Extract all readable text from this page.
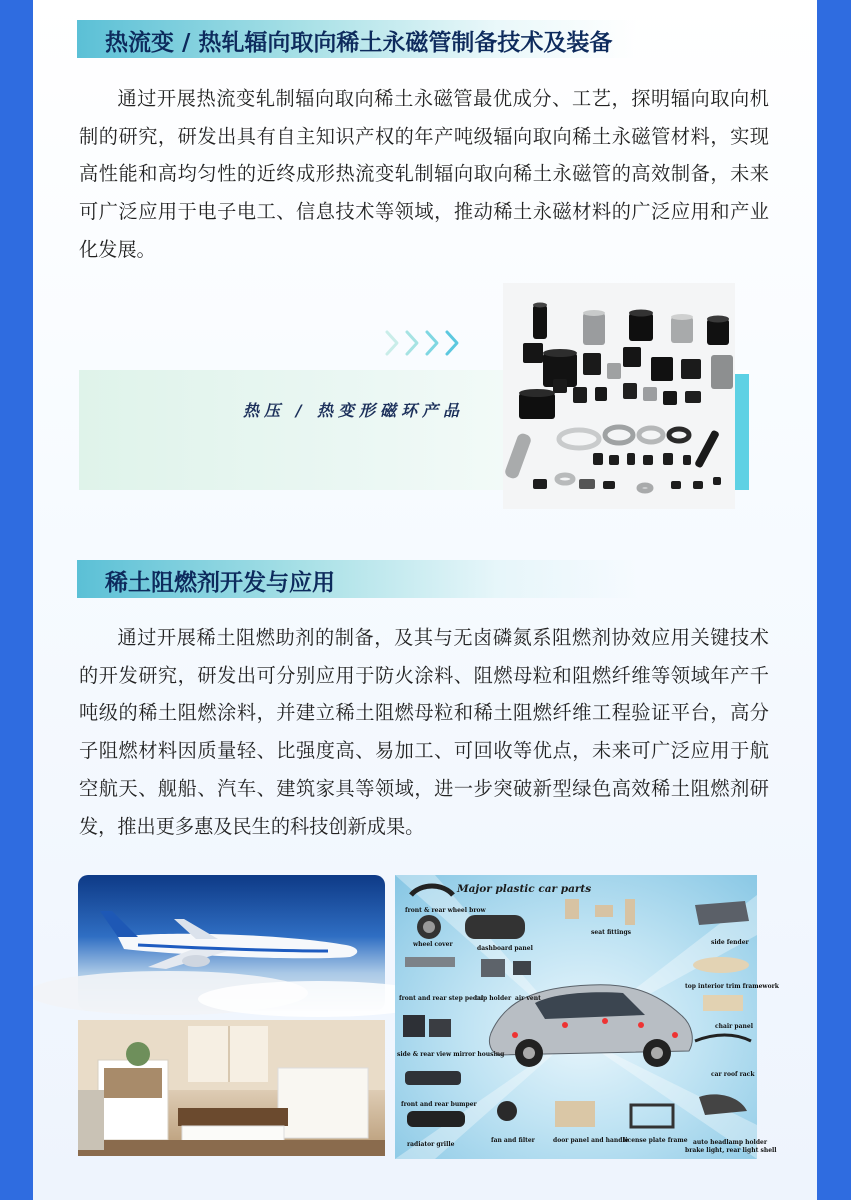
热流变 / 热轧辐向取向稀土永磁管制备技术及装备

通过开展热流变轧制辐向取向稀土永磁管最优成分、工艺，探明辐向取向机制的研究，研发出具有自主知识产权的年产吨级辐向取向稀土永磁管材料，实现高性能和高均匀性的近终成形热流变轧制辐向取向稀土永磁管的高效制备，未来可广泛应用于电子电工、信息技术等领域，推动稀土永磁材料的广泛应用和产业化发展。

热压 / 热变形磁环产品
稀土阻燃剂开发与应用

通过开展稀土阻燃助剂的制备，及其与无卤磷氮系阻燃剂协效应用关键技术的开发研究，研发出可分别应用于防火涂料、阻燃母粒和阻燃纤维等领域年产千吨级的稀土阻燃涂料，并建立稀土阻燃母粒和稀土阻燃纤维工程验证平台，高分子阻燃材料因质量轻、比强度高、易加工、可回收等优点，未来可广泛应用于航空航天、舰船、汽车、建筑家具等领域，进一步突破新型绿色高效稀土阻燃剂研发，推出更多惠及民生的科技创新成果。

Major plastic car parts
front & rear wheel brow
wheel cover
dashboard panel
seat fittings
side fender
front and rear step pedal
cup holder air vent
top interior trim framework
chair panel
side & rear view mirror housing
car roof rack
front and rear bumper
radiator grille
fan and filter	door panel and handle
license plate frame auto headlamp holder
brake light, rear light shell
